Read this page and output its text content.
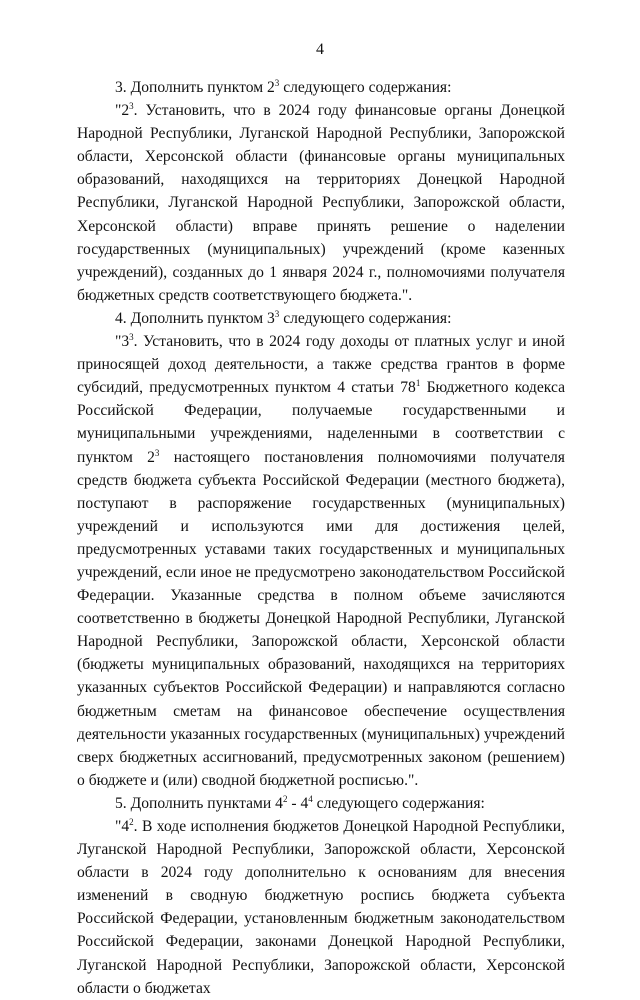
4

3. Дополнить пунктом $2^3$ следующего содержания:

"$2^3$. Установить, что в 2024 году финансовые органы Донецкой Народной Республики, Луганской Народной Республики, Запорожской области, Херсонской области (финансовые органы муниципальных образований, находящихся на территориях Донецкой Народной Республики, Луганской Народной Республики, Запорожской области, Херсонской области) вправе принять решение о наделении государственных (муниципальных) учреждений (кроме казенных учреждений), созданных до 1 января 2024 г., полномочиями получателя бюджетных средств соответствующего бюджета.".

4. Дополнить пунктом $3^3$ следующего содержания:

"$3^3$. Установить, что в 2024 году доходы от платных услуг и иной приносящей доход деятельности, а также средства грантов в форме субсидий, предусмотренных пунктом 4 статьи $78^1$ Бюджетного кодекса Российской Федерации, получаемые государственными и муниципальными учреждениями, наделенными в соответствии с пунктом $2^3$ настоящего постановления полномочиями получателя средств бюджета субъекта Российской Федерации (местного бюджета), поступают в распоряжение государственных (муниципальных) учреждений и используются ими для достижения целей, предусмотренных уставами таких государственных и муниципальных учреждений, если иное не предусмотрено законодательством Российской Федерации. Указанные средства в полном объеме зачисляются соответственно в бюджеты Донецкой Народной Республики, Луганской Народной Республики, Запорожской области, Херсонской области (бюджеты муниципальных образований, находящихся на территориях указанных субъектов Российской Федерации) и направляются согласно бюджетным сметам на финансовое обеспечение осуществления деятельности указанных государственных (муниципальных) учреждений сверх бюджетных ассигнований, предусмотренных законом (решением) о бюджете и (или) сводной бюджетной росписью.".

5. Дополнить пунктами $4^2 - 4^4$ следующего содержания:

"$4^2$. В ходе исполнения бюджетов Донецкой Народной Республики, Луганской Народной Республики, Запорожской области, Херсонской области в 2024 году дополнительно к основаниям для внесения изменений в сводную бюджетную роспись бюджета субъекта Российской Федерации, установленным бюджетным законодательством Российской Федерации, законами Донецкой Народной Республики, Луганской Народной Республики, Запорожской области, Херсонской области о бюджетах
